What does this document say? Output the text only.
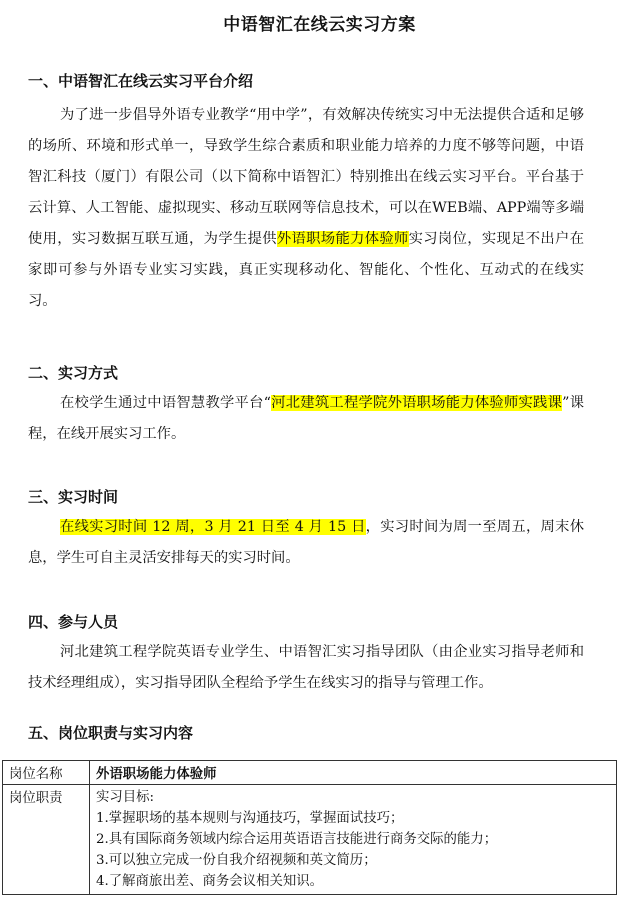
中语智汇在线云实习方案
一、中语智汇在线云实习平台介绍
为了进一步倡导外语专业教学“用中学”，有效解决传统实习中无法提供合适和足够的场所、环境和形式单一，导致学生综合素质和职业能力培养的力度不够等问题，中语智汇科技（厦门）有限公司（以下简称中语智汇）特别推出在线云实习平台。平台基于云计算、人工智能、虚拟现实、移动互联网等信息技术，可以在WEB端、APP端等多端使用，实习数据互联互通，为学生提供外语职场能力体验师实习岗位，实现足不出户在家即可参与外语专业实习实践，真正实现移动化、智能化、个性化、互动式的在线实习。
二、实习方式
在校学生通过中语智慧教学平台“河北建筑工程学院外语职场能力体验师实践课”课程，在线开展实习工作。
三、实习时间
在线实习时间 12 周，3 月 21 日至 4 月 15 日，实习时间为周一至周五，周末休息，学生可自主灵活安排每天的实习时间。
四、参与人员
河北建筑工程学院英语专业学生、中语智汇实习指导团队（由企业实习指导老师和技术经理组成），实习指导团队全程给予学生在线实习的指导与管理工作。
五、岗位职责与实习内容
岗位名称	外语职场能力体验师
岗位职责	实习目标:
1.掌握职场的基本规则与沟通技巧，掌握面试技巧；
2.具有国际商务领域内综合运用英语语言技能进行商务交际的能力；
3.可以独立完成一份自我介绍视频和英文简历；
4.了解商旅出差、商务会议相关知识。
